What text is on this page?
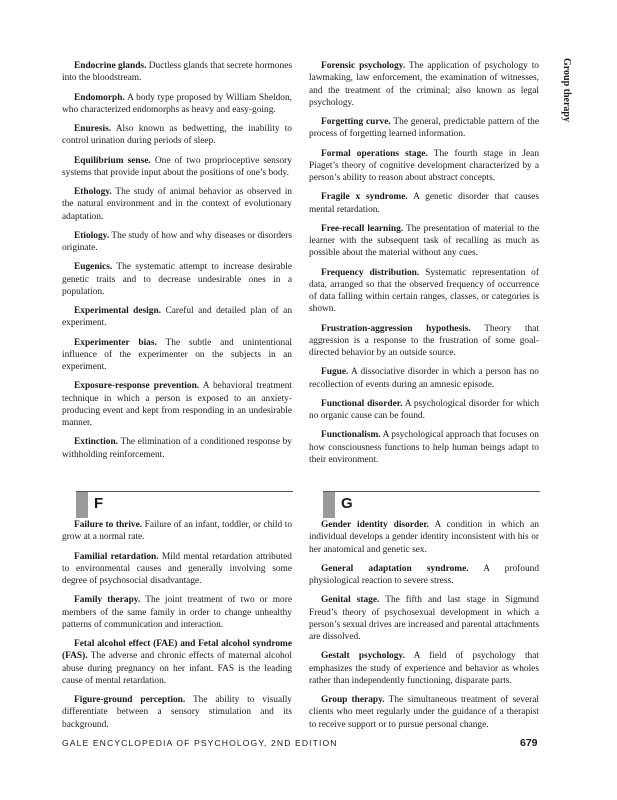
Group therapy

Endocrine glands. Ductless glands that secrete hormones into the bloodstream.

Endomorph. A body type proposed by William Sheldon, who characterized endomorphs as heavy and easy-going.

Enuresis. Also known as bedwetting, the inability to control urination during periods of sleep.

Equilibrium sense. One of two proprioceptive sensory systems that provide input about the positions of one’s body.

Ethology. The study of animal behavior as observed in the natural environment and in the context of evolutionary adaptation.

Etiology. The study of how and why diseases or disorders originate.

Eugenics. The systematic attempt to increase desirable genetic traits and to decrease undesirable ones in a population.

Experimental design. Careful and detailed plan of an experiment.

Experimenter bias. The subtle and unintentional influence of the experimenter on the subjects in an experiment.

Exposure-response prevention. A behavioral treatment technique in which a person is exposed to an anxiety-producing event and kept from responding in an undesirable manner.

Extinction. The elimination of a conditioned response by withholding reinforcement.

Forensic psychology. The application of psychology to lawmaking, law enforcement, the examination of witnesses, and the treatment of the criminal; also known as legal psychology.

Forgetting curve. The general, predictable pattern of the process of forgetting learned information.

Formal operations stage. The fourth stage in Jean Piaget’s theory of cognitive development characterized by a person’s ability to reason about abstract concepts.

Fragile x syndrome. A genetic disorder that causes mental retardation.

Free-recall learning. The presentation of material to the learner with the subsequent task of recalling as much as possible about the material without any cues.

Frequency distribution. Systematic representation of data, arranged so that the observed frequency of occurrence of data falling within certain ranges, classes, or categories is shown.

Frustration-aggression hypothesis. Theory that aggression is a response to the frustration of some goal-directed behavior by an outside source.

Fugue. A dissociative disorder in which a person has no recollection of events during an amnesic episode.

Functional disorder. A psychological disorder for which no organic cause can be found.

Functionalism. A psychological approach that focuses on how consciousness functions to help human beings adapt to their environment.

F	G

Failure to thrive. Failure of an infant, toddler, or child to grow at a normal rate.

Familial retardation. Mild mental retardation attributed to environmental causes and generally involving some degree of psychosocial disadvantage.

Family therapy. The joint treatment of two or more members of the same family in order to change unhealthy patterns of communication and interaction.

Fetal alcohol effect (FAE) and Fetal alcohol syndrome (FAS). The adverse and chronic effects of maternal alcohol abuse during pregnancy on her infant. FAS is the leading cause of mental retardation.

Figure-ground perception. The ability to visually differentiate between a sensory stimulation and its background.

Gender identity disorder. A condition in which an individual develops a gender identity inconsistent with his or her anatomical and genetic sex.

General adaptation syndrome. A profound physiological reaction to severe stress.

Genital stage. The fifth and last stage in Sigmund Freud’s theory of psychosexual development in which a person’s sexual drives are increased and parental attachments are dissolved.

Gestalt psychology. A field of psychology that emphasizes the study of experience and behavior as wholes rather than independently functioning, disparate parts.

Group therapy. The simultaneous treatment of several clients who meet regularly under the guidance of a therapist to receive support or to pursue personal change.

GALE ENCYCLOPEDIA OF PSYCHOLOGY, 2ND EDITION	679
